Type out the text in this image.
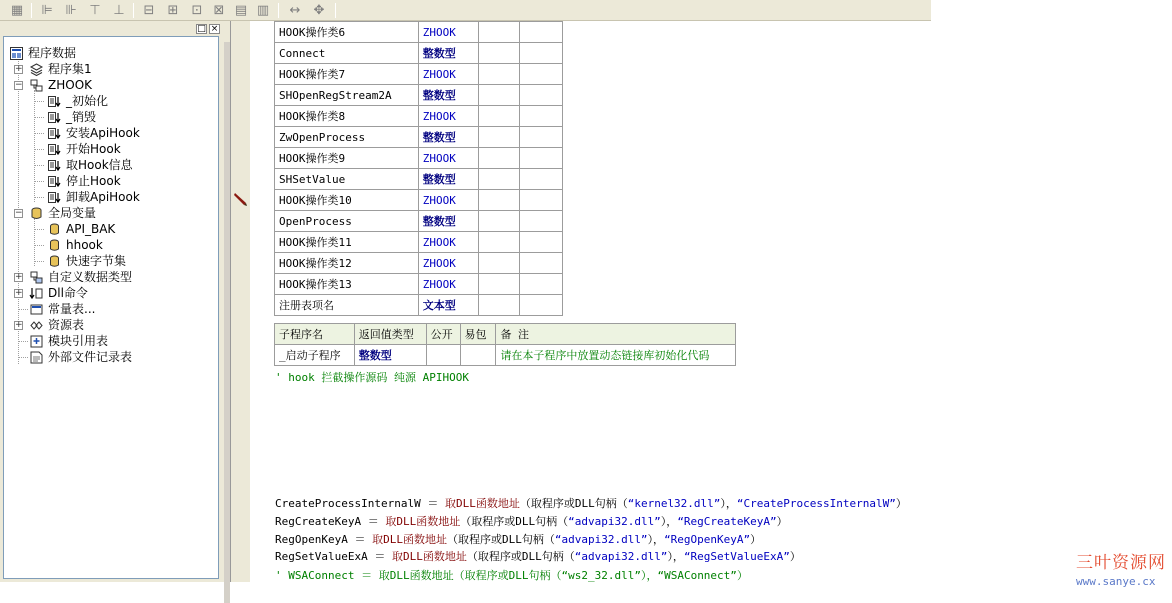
▦ ⊫ ⊪ ⊤ ⊥ ⊟ ⊞ ⊡ ⊠ ▤ ▥ ↔ ✥
□ ×
程序数据
+ 程序集1
− ZHOOK
_初始化
_销毁
安装ApiHook
开始Hook
取Hook信息
停止Hook
卸载ApiHook
− 全局变量
API_BAK
hhook
快速字节集
+ 自定义数据类型
+ Dll命令
常量表...
+ 资源表
模块引用表
外部文件记录表
HOOK操作类6	ZHOOK		
Connect	整数型		
HOOK操作类7	ZHOOK		
SHOpenRegStream2A	整数型		
HOOK操作类8	ZHOOK		
ZwOpenProcess	整数型		
HOOK操作类9	ZHOOK		
SHSetValue	整数型		
HOOK操作类10	ZHOOK		
OpenProcess	整数型		
HOOK操作类11	ZHOOK		
HOOK操作类12	ZHOOK		
HOOK操作类13	ZHOOK		
注册表项名	文本型		
子程序名	返回值类型	公开	易包	备 注
_启动子程序	整数型			请在本子程序中放置动态链接库初始化代码
' hook 拦截操作源码 纯源 APIHOOK
CreateProcessInternalW ＝ 取DLL函数地址（取程序或DLL句柄（“kernel32.dll”），“CreateProcessInternalW”）
RegCreateKeyA ＝ 取DLL函数地址（取程序或DLL句柄（“advapi32.dll”），“RegCreateKeyA”）
RegOpenKeyA ＝ 取DLL函数地址（取程序或DLL句柄（“advapi32.dll”），“RegOpenKeyA”）
RegSetValueExA ＝ 取DLL函数地址（取程序或DLL句柄（“advapi32.dll”），“RegSetValueExA”）
' WSAConnect ＝ 取DLL函数地址（取程序或DLL句柄（“ws2_32.dll”），“WSAConnect”）
三叶资源网
www.sanye.cx
